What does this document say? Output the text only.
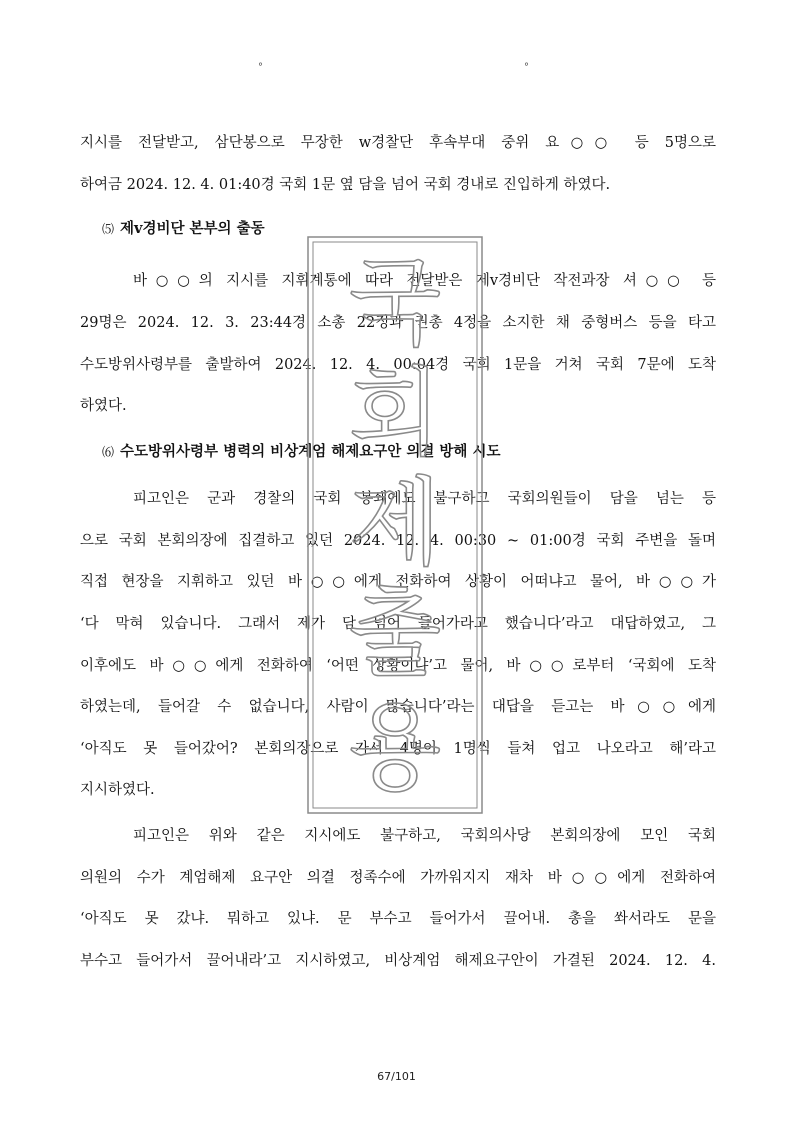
°	°
지시를 전달받고, 삼단봉으로 무장한 w경찰단 후속부대 중위 요○○ 등 5명으로
하여금 2024. 12. 4. 01:40경 국회 1문 옆 담을 넘어 국회 경내로 진입하게 하였다.
바○○의 지시를 지휘계통에 따라 전달받은 제v경비단 작전과장 셔○○ 등
29명은 2024. 12. 3. 23:44경 소총 22정과 권총 4정을 소지한 채 중형버스 등을 타고
수도방위사령부를 출발하여 2024. 12. 4. 00:04경 국회 1문을 거쳐 국회 7문에 도착
하였다.
피고인은 군과 경찰의 국회 봉쇄에도 불구하고 국회의원들이 담을 넘는 등
으로 국회 본회의장에 집결하고 있던 2024. 12. 4. 00:30 ~ 01:00경 국회 주변을 돌며
직접 현장을 지휘하고 있던 바○○에게 전화하여 상황이 어떠냐고 물어, 바○○가
‘다 막혀 있습니다. 그래서 제가 담 넘어 들어가라고 했습니다’라고 대답하였고, 그
이후에도 바○○에게 전화하여 ‘어떤 상황이냐’고 물어, 바○○로부터 ‘국회에 도착
하였는데, 들어갈 수 없습니다, 사람이 많습니다’라는 대답을 듣고는 바○○에게
‘아직도 못 들어갔어? 본회의장으로 가서 4명이 1명씩 들쳐 업고 나오라고 해’라고
지시하였다.
피고인은 위와 같은 지시에도 불구하고, 국회의사당 본회의장에 모인 국회
의원의 수가 계엄해제 요구안 의결 정족수에 가까워지지 재차 바○○에게 전화하여
‘아직도 못 갔냐. 뭐하고 있냐. 문 부수고 들어가서 끌어내. 총을 쏴서라도 문을
부수고 들어가서 끌어내라’고 지시하였고, 비상계엄 해제요구안이 가결된 2024. 12. 4.
⑸ 제v경비단 본부의 출동
⑹ 수도방위사령부 병력의 비상계엄 해제요구안 의결 방해 시도
국
회
제
출
용
67/101
